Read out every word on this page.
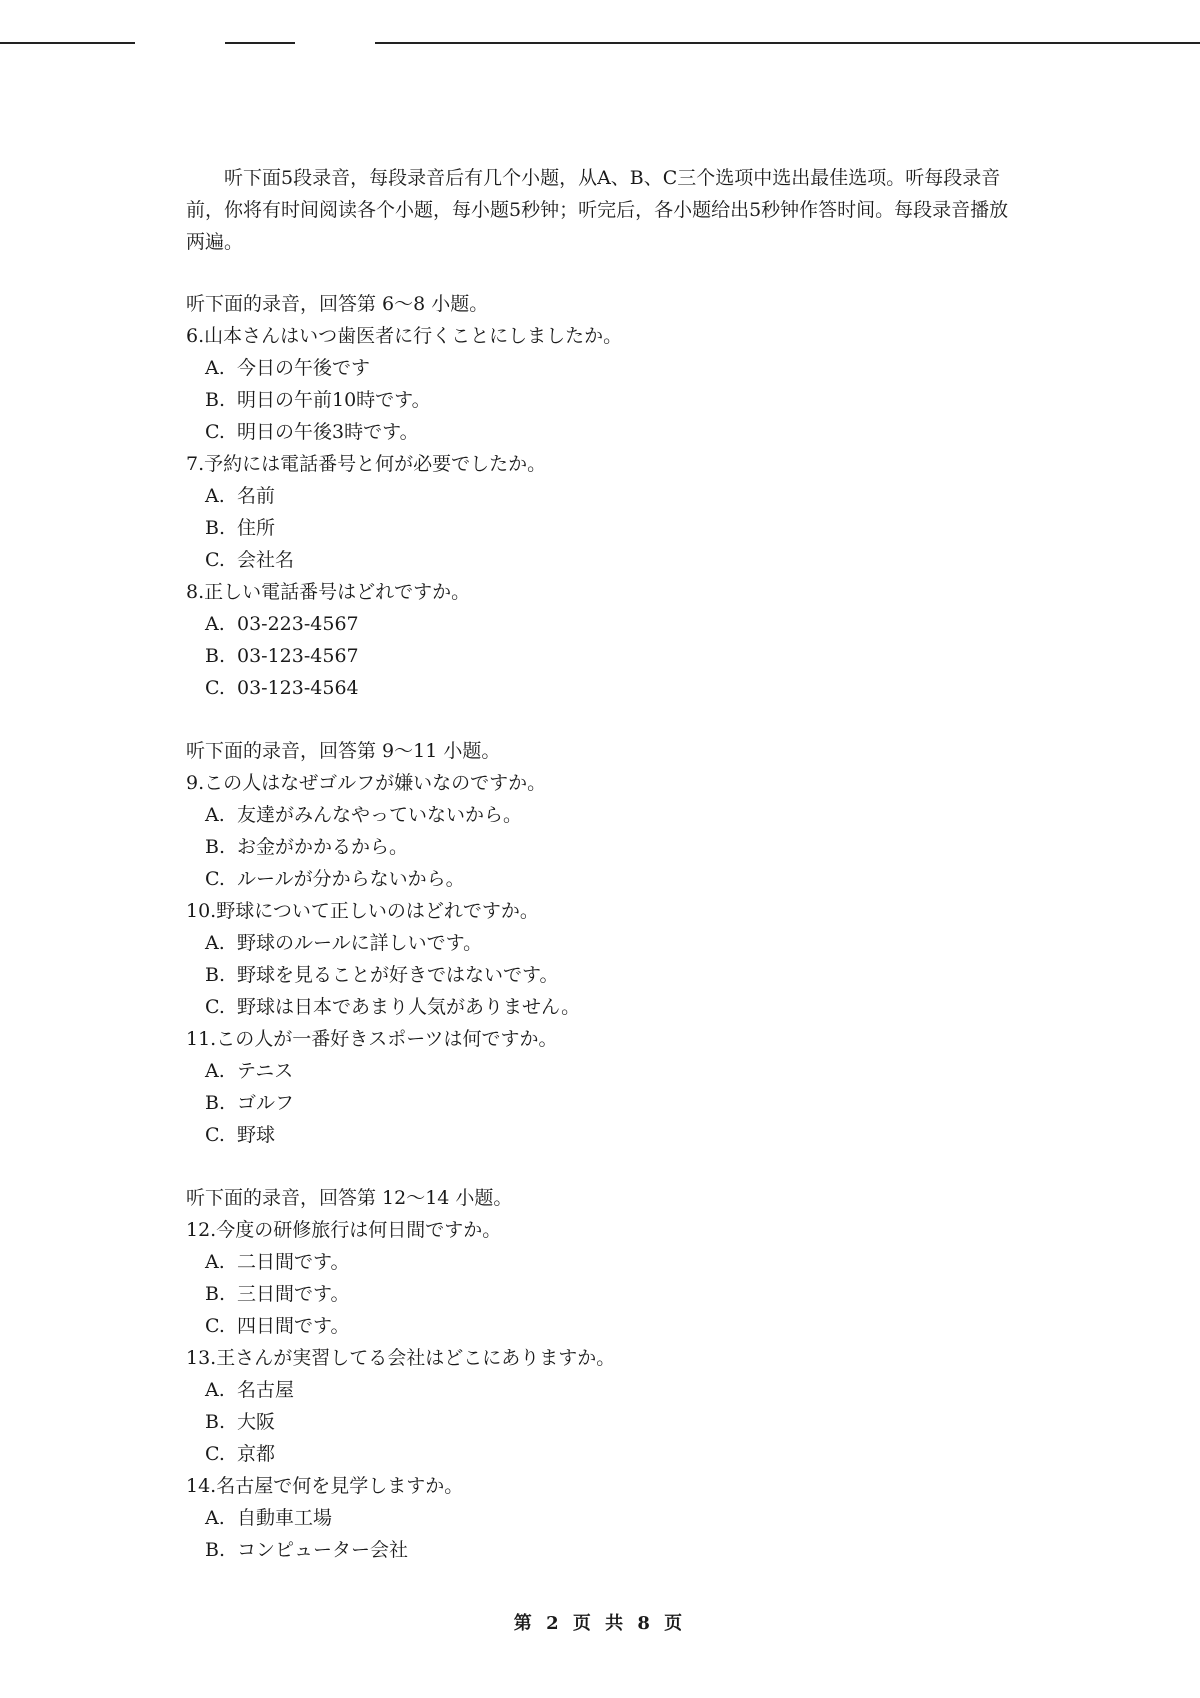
听下面5段录音，每段录音后有几个小题，从A、B、C三个选项中选出最佳选项。听每段录音前，你将有时间阅读各个小题，每小题5秒钟；听完后，各小题给出5秒钟作答时间。每段录音播放两遍。

听下面的录音，回答第 6～8 小题。
6.山本さんはいつ歯医者に行くことにしましたか。
A. 今日の午後です
B. 明日の午前10時です。
C. 明日の午後3時です。
7.予約には電話番号と何が必要でしたか。
A. 名前
B. 住所
C. 会社名
8.正しい電話番号はどれですか。
A. 03-223-4567
B. 03-123-4567
C. 03-123-4564
听下面的录音，回答第 9～11 小题。
9.この人はなぜゴルフが嫌いなのですか。
A. 友達がみんなやっていないから。
B. お金がかかるから。
C. ルールが分からないから。
10.野球について正しいのはどれですか。
A. 野球のルールに詳しいです。
B. 野球を見ることが好きではないです。
C. 野球は日本であまり人気がありません。
11.この人が一番好きスポーツは何ですか。
A. テニス
B. ゴルフ
C. 野球
听下面的录音，回答第 12～14 小题。
12.今度の研修旅行は何日間ですか。
A. 二日間です。
B. 三日間です。
C. 四日間です。
13.王さんが実習してる会社はどこにありますか。
A. 名古屋
B. 大阪
C. 京都
14.名古屋で何を見学しますか。
A. 自動車工場
B. コンピューター会社
第 2 页 共 8 页
